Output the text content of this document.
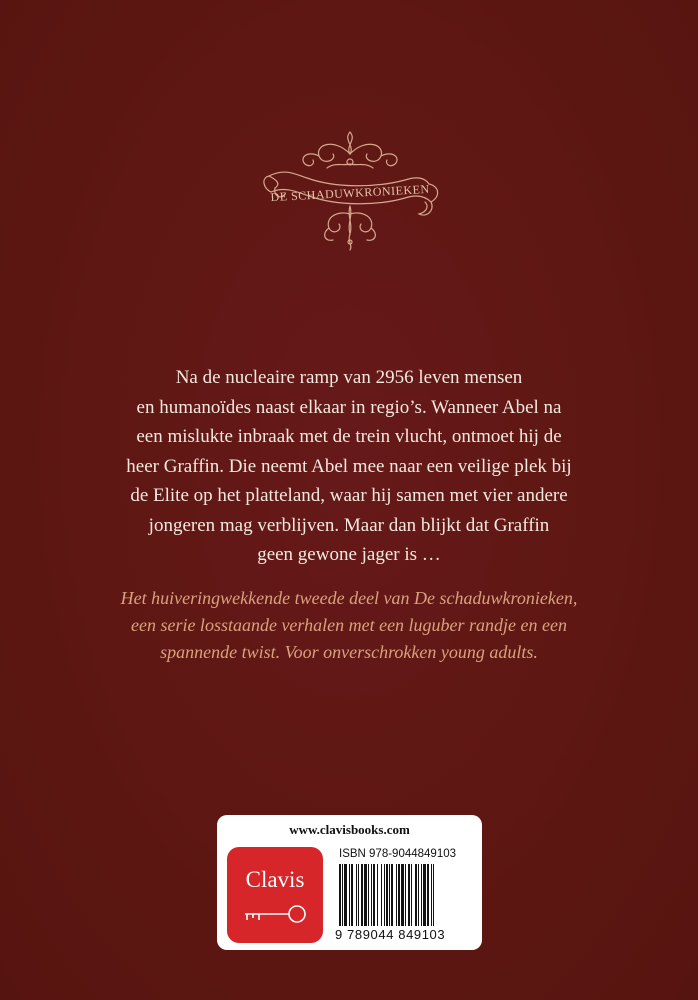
DE SCHADUWKRONIEKEN

Na de nucleaire ramp van 2956 leven mensen
en humanoïdes naast elkaar in regio’s. Wanneer Abel na
een mislukte inbraak met de trein vlucht, ontmoet hij de
heer Graffin. Die neemt Abel mee naar een veilige plek bij
de Elite op het platteland, waar hij samen met vier andere
jongeren mag verblijven. Maar dan blijkt dat Graffin
geen gewone jager is …

Het huiveringwekkende tweede deel van De schaduwkronieken,
een serie losstaande verhalen met een luguber randje en een
spannende twist. Voor onverschrokken young adults.

www.clavisbooks.com
Clavis
ISBN 978-9044849103
9 789044 849103
